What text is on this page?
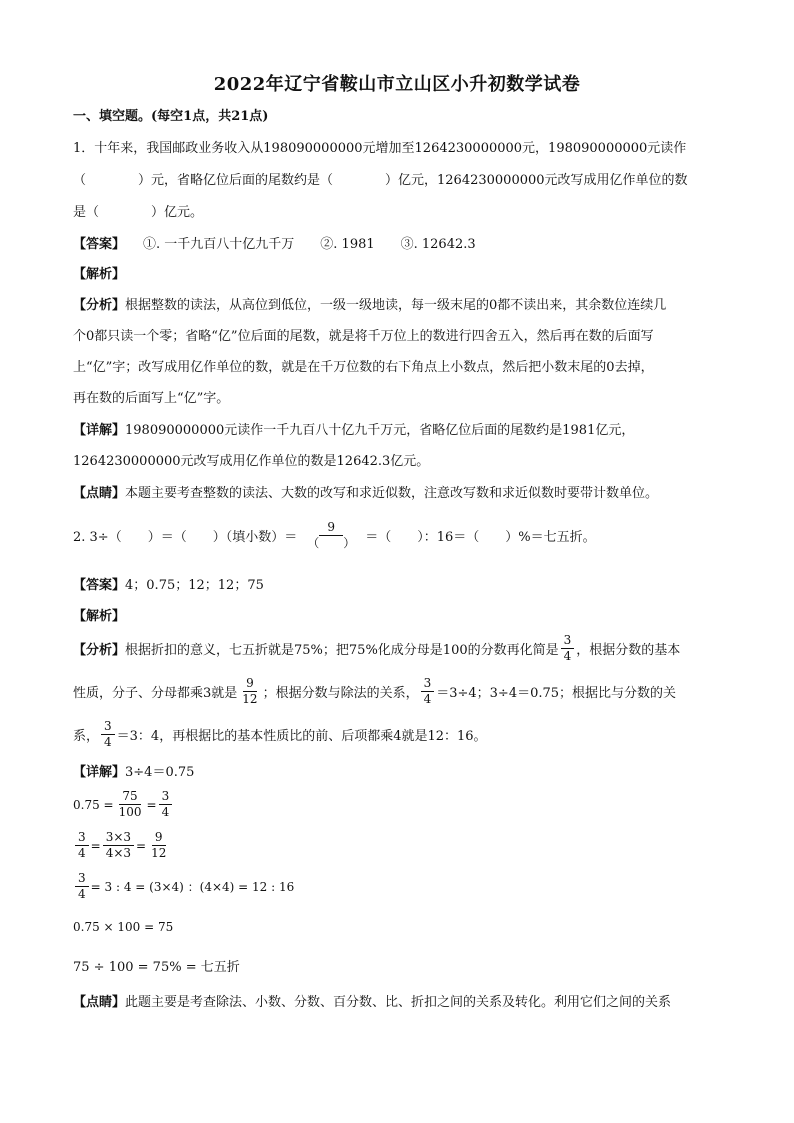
2022年辽宁省鞍山市立山区小升初数学试卷
一、填空题。(每空1点，共21点)
1．十年来，我国邮政业务收入从198090000000元增加至1264230000000元，198090000000元读作
（　　　　）元，省略亿位后面的尾数约是（　　　　）亿元，1264230000000元改写成用亿作单位的数
是（　　　　）亿元。
【答案】 ①. 一千九百八十亿九千万　　②. 1981　　③. 12642.3
【解析】
【分析】根据整数的读法，从高位到低位，一级一级地读，每一级末尾的0都不读出来，其余数位连续几
个0都只读一个零；省略“亿”位后面的尾数，就是将千万位上的数进行四舍五入，然后再在数的后面写
上“亿”字；改写成用亿作单位的数，就是在千万位数的右下角点上小数点，然后把小数末尾的0去掉，
再在数的后面写上“亿”字。
【详解】198090000000元读作一千九百八十亿九千万元，省略亿位后面的尾数约是1981亿元，
1264230000000元改写成用亿作单位的数是12642.3亿元。
【点睛】本题主要考查整数的读法、大数的改写和求近似数，注意改写数和求近似数时要带计数单位。
2. 3÷（　　）＝（　　）（填小数）＝ $\frac{9}{( )}$ ＝（　　）：16＝（　　）%＝七五折。
【答案】4；0.75；12；12；75
【解析】
【分析】 根据折扣的意义，七五折就是75%；把75%化成分母是100的分数再化简是 $\frac{3}{4}$ ，根据分数的基本
性质，分子、分母都乘3就是 $\frac{9}{12}$ ；根据分数与除法的关系， $\frac{3}{4} =3\div 4$；3÷4＝0.75；根据比与分数的关
系， $\frac{3}{4} =3$：4，再根据比的基本性质比的前、后项都乘4就是12：16。
【详解】3÷4＝0.75
$0.75 = \frac{75}{100} = \frac{3}{4}$
$\frac{3}{4} = \frac{3\times 3}{4\times 3} = \frac{9}{12}$
$\frac{3}{4} = 3$ : 4 = (3×4) ：(4×4) = 12 : 16
0.75 × 100 = 75
75 ÷ 100 = 75% = 七五折
【点睛】此题主要是考查除法、小数、分数、百分数、比、折扣之间的关系及转化。利用它们之间的关系
